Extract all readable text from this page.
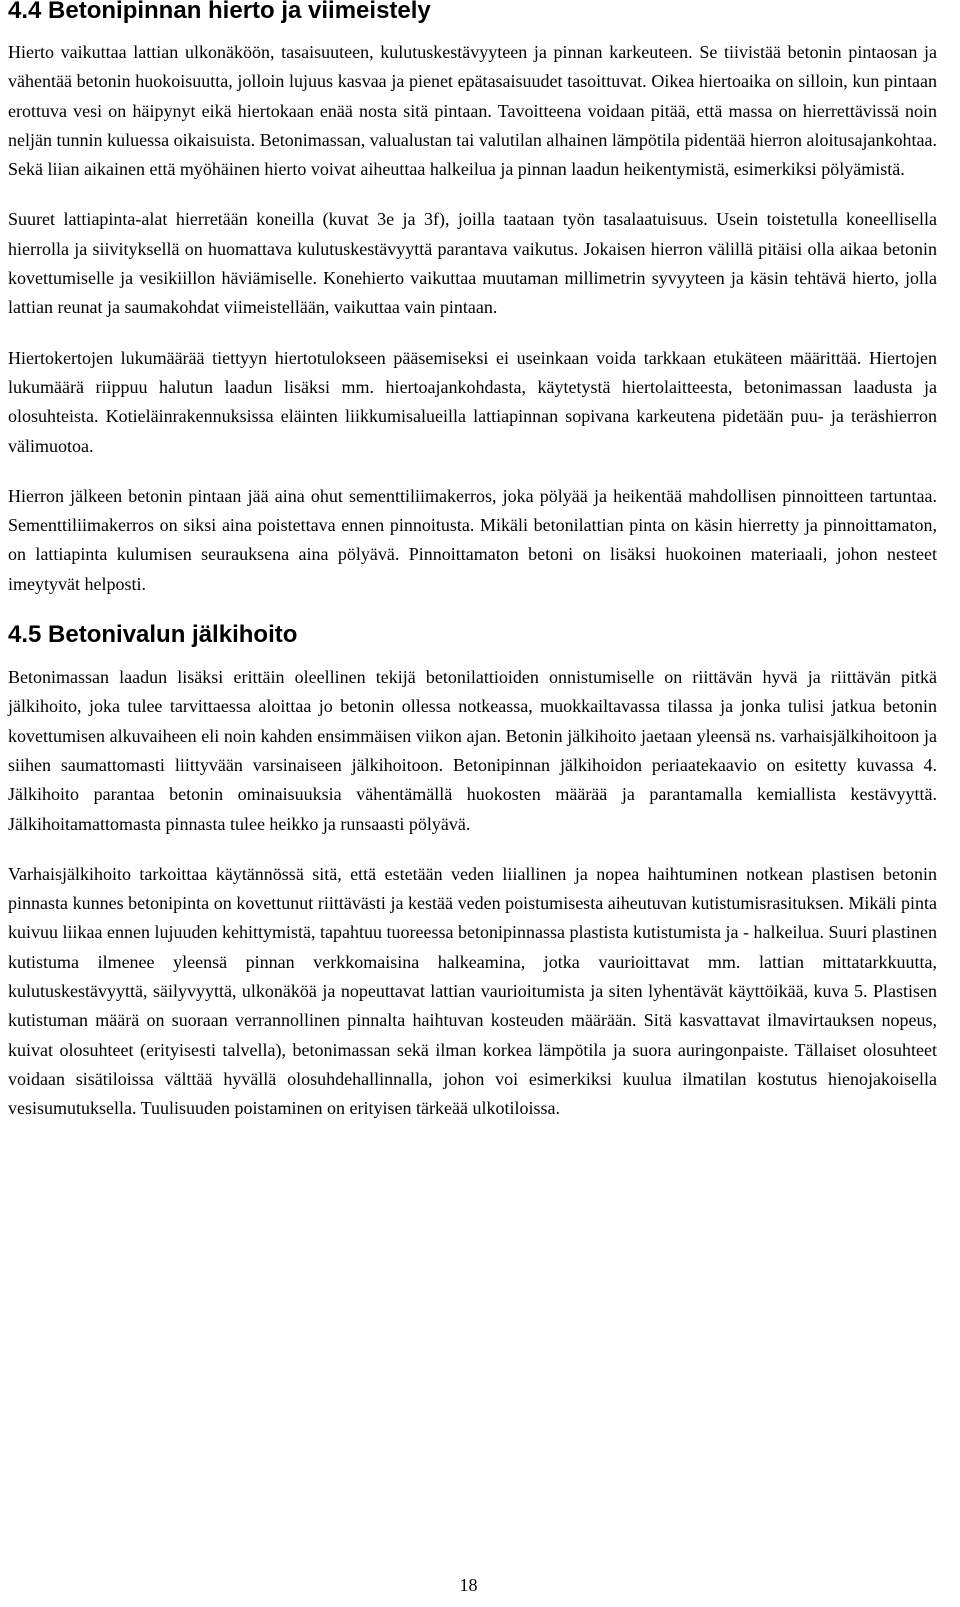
4.4 Betonipinnan hierto ja viimeistely

Hierto vaikuttaa lattian ulkonäköön, tasaisuuteen, kulutuskestävyyteen ja pinnan karkeuteen. Se tiivistää betonin pintaosan ja vähentää betonin huokoisuutta, jolloin lujuus kasvaa ja pienet epätasaisuudet tasoittuvat. Oikea hiertoaika on silloin, kun pintaan erottuva vesi on häipynyt eikä hiertokaan enää nosta sitä pintaan. Tavoitteena voidaan pitää, että massa on hierrettävissä noin neljän tunnin kuluessa oikaisuista. Betonimassan, valualustan tai valutilan alhainen lämpötila pidentää hierron aloitusajankohtaa. Sekä liian aikainen että myöhäinen hierto voivat aiheuttaa halkeilua ja pinnan laadun heikentymistä, esimerkiksi pölyämistä.

Suuret lattiapinta-alat hierretään koneilla (kuvat 3e ja 3f), joilla taataan työn tasalaatuisuus. Usein toistetulla koneellisella hierrolla ja siivityksellä on huomattava kulutuskestävyyttä parantava vaikutus. Jokaisen hierron välillä pitäisi olla aikaa betonin kovettumiselle ja vesikiillon häviämiselle. Konehierto vaikuttaa muutaman millimetrin syvyyteen ja käsin tehtävä hierto, jolla lattian reunat ja saumakohdat viimeistellään, vaikuttaa vain pintaan.

Hiertokertojen lukumäärää tiettyyn hiertotulokseen pääsemiseksi ei useinkaan voida tarkkaan etukäteen määrittää. Hiertojen lukumäärä riippuu halutun laadun lisäksi mm. hiertoajankohdasta, käytetystä hiertolaitteesta, betonimassan laadusta ja olosuhteista. Kotieläinrakennuksissa eläinten liikkumisalueilla lattiapinnan sopivana karkeutena pidetään puu- ja teräshierron välimuotoa.

Hierron jälkeen betonin pintaan jää aina ohut sementtiliimakerros, joka pölyää ja heikentää mahdollisen pinnoitteen tartuntaa. Sementtiliimakerros on siksi aina poistettava ennen pinnoitusta. Mikäli betonilattian pinta on käsin hierretty ja pinnoittamaton, on lattiapinta kulumisen seurauksena aina pölyävä. Pinnoittamaton betoni on lisäksi huokoinen materiaali, johon nesteet imeytyvät helposti.

4.5 Betonivalun jälkihoito

Betonimassan laadun lisäksi erittäin oleellinen tekijä betonilattioiden onnistumiselle on riittävän hyvä ja riittävän pitkä jälkihoito, joka tulee tarvittaessa aloittaa jo betonin ollessa notkeassa, muokkailtavassa tilassa ja jonka tulisi jatkua betonin kovettumisen alkuvaiheen eli noin kahden ensimmäisen viikon ajan. Betonin jälkihoito jaetaan yleensä ns. varhaisjälkihoitoon ja siihen saumattomasti liittyvään varsinaiseen jälkihoitoon. Betonipinnan jälkihoidon periaatekaavio on esitetty kuvassa 4. Jälkihoito parantaa betonin ominaisuuksia vähentämällä huokosten määrää ja parantamalla kemiallista kestävyyttä. Jälkihoitamattomasta pinnasta tulee heikko ja runsaasti pölyävä.

Varhaisjälkihoito tarkoittaa käytännössä sitä, että estetään veden liiallinen ja nopea haihtuminen notkean plastisen betonin pinnasta kunnes betonipinta on kovettunut riittävästi ja kestää veden poistumisesta aiheutuvan kutistumisrasituksen. Mikäli pinta kuivuu liikaa ennen lujuuden kehittymistä, tapahtuu tuoreessa betonipinnassa plastista kutistumista ja - halkeilua. Suuri plastinen kutistuma ilmenee yleensä pinnan verkkomaisina halkeamina, jotka vaurioittavat mm. lattian mittatarkkuutta, kulutuskestävyyttä, säilyvyyttä, ulkonäköä ja nopeuttavat lattian vaurioitumista ja siten lyhentävät käyttöikää, kuva 5. Plastisen kutistuman määrä on suoraan verrannollinen pinnalta haihtuvan kosteuden määrään. Sitä kasvattavat ilmavirtauksen nopeus, kuivat olosuhteet (erityisesti talvella), betonimassan sekä ilman korkea lämpötila ja suora auringonpaiste. Tällaiset olosuhteet voidaan sisätiloissa välttää hyvällä olosuhdehallinnalla, johon voi esimerkiksi kuulua ilmatilan kostutus hienojakoisella vesisumutuksella. Tuulisuuden poistaminen on erityisen tärkeää ulkotiloissa.

18
